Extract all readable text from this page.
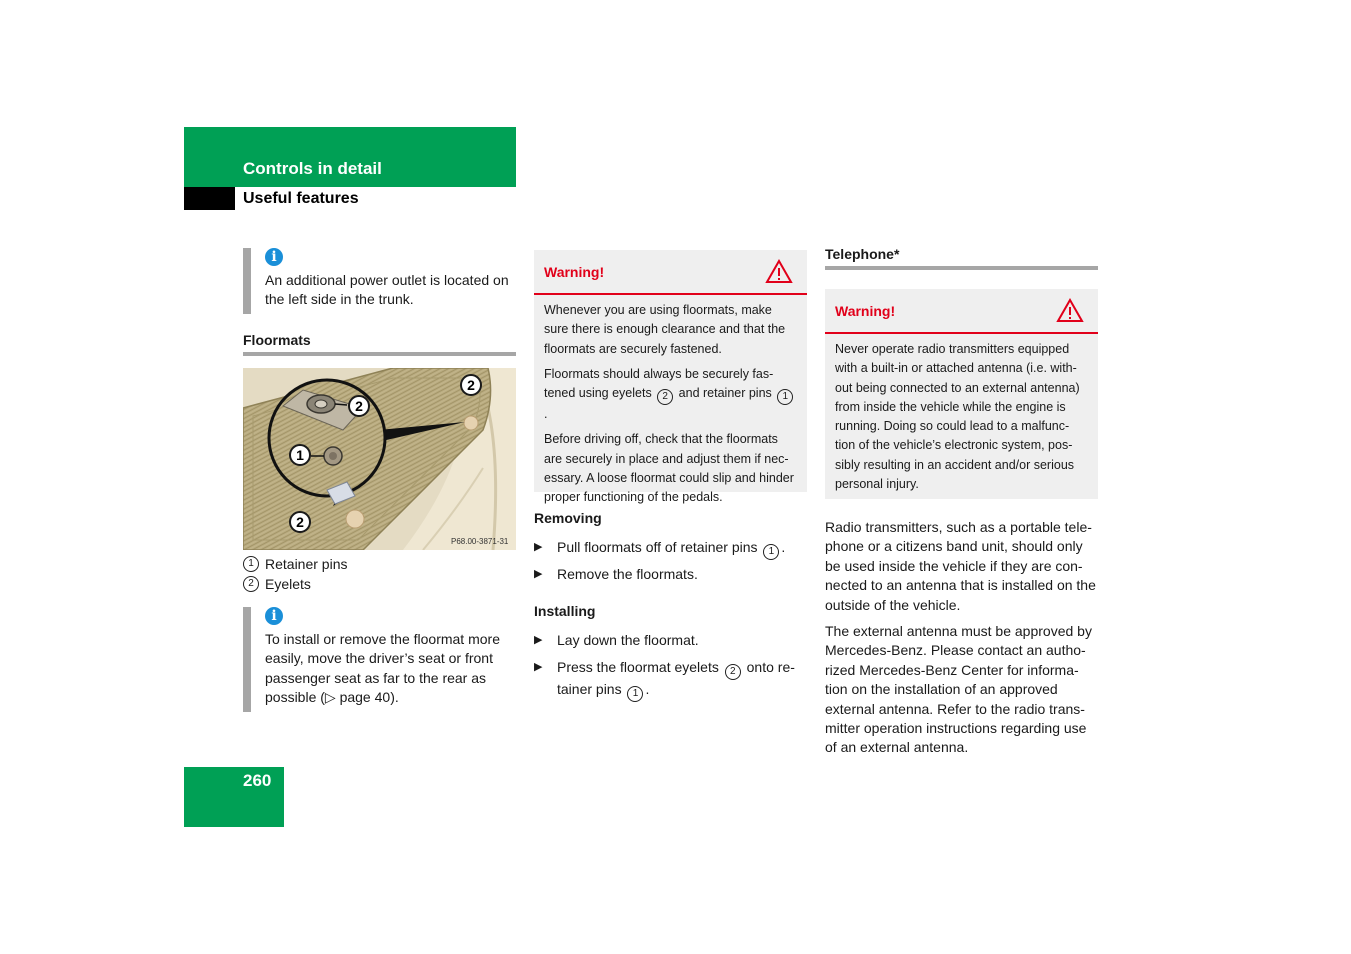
Controls in detail
Useful features
i

An additional power outlet is located on the left side in the trunk.

Floormats
2
1
2
2
P68.00-3871-31
1 Retainer pins
2 Eyelets
i

To install or remove the floormat more easily, move the driver’s seat or front passenger seat as far to the rear as possible (▷ page 40).

Warning!

Whenever you are using floormats, make sure there is enough clearance and that the floormats are securely fastened.

Floormats should always be securely fas-tened using eyelets 2 and retainer pins 1.

Before driving off, check that the floormats are securely in place and adjust them if nec-essary. A loose floormat could slip and hinder proper functioning of the pedals.

Removing
▶ Pull floormats off of retainer pins 1 .
▶ Remove the floormats.
Installing
▶ Lay down the floormat.
▶ Press the floormat eyelets 2 onto re-tainer pins 1 .
Telephone*
Warning!

Never operate radio transmitters equipped with a built-in or attached antenna (i.e. with-out being connected to an external antenna) from inside the vehicle while the engine is running. Doing so could lead to a malfunc-tion of the vehicle’s electronic system, pos-sibly resulting in an accident and/or serious personal injury.

Radio transmitters, such as a portable tele-phone or a citizens band unit, should only be used inside the vehicle if they are con-nected to an antenna that is installed on the outside of the vehicle.

The external antenna must be approved by Mercedes-Benz. Please contact an autho-rized Mercedes-Benz Center for informa-tion on the installation of an approved external antenna. Refer to the radio trans-mitter operation instructions regarding use of an external antenna.

260
